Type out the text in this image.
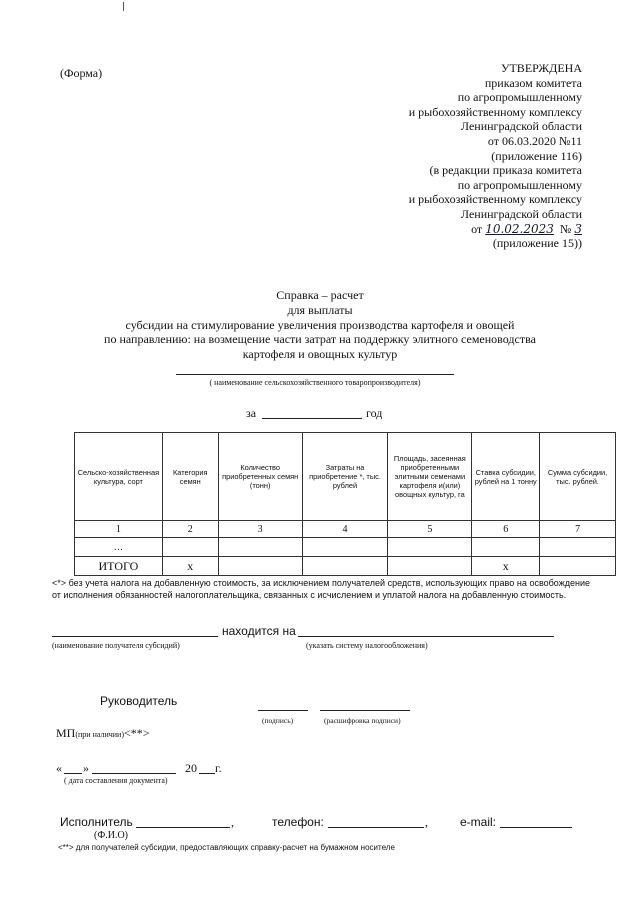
(Форма)	УТВЕРЖДЕНА
приказом комитета
по агропромышленному
и рыбохозяйственному комплексу
Ленинградской области
от 06.03.2020 №11
(приложение 116)
(в редакции приказа комитета
по агропромышленному
и рыбохозяйственному комплексу
Ленинградской области
от 10.02.2023 № 3
(приложение 15))
Справка – расчет
для выплаты
субсидии на стимулирование увеличения производства картофеля и овощей
по направлению: на возмещение части затрат на поддержку элитного семеноводства
картофеля и овощных культур
( наименование сельскохозяйственного товаропроизводителя)
за	год
Сельско-хозяйственная культура, сорт	Категория семян	Количество приобретенных семян (тонн)	Затраты на приобретение *, тыс. рублей	Площадь, засеянная приобретенными элитными семенами картофеля и(или) овощных культур, га	Ставка субсидии, рублей на 1 тонну	Сумма субсидии, тыс. рублей.
1	2	3	4	5	6	7
…						
ИТОГО	х				х	
<*> без учета налога на добавленную стоимость, за исключением получателей средств, использующих право на освобождение от исполнения обязанностей налогоплательщика, связанных с исчислением и уплатой налога на добавленную стоимость.
находится на
(наименование получателя субсидий)	(указать систему налогообложения)
Руководитель
(подпись)	(расшифровка подписи)
МП(при наличии)<**>
« »	20 г.
( дата составления документа)
Исполнитель	,
(Ф.И.О)
телефон:	,	e-mail:
<**> для получателей субсидии, предоставляющих справку-расчет на бумажном носителе
